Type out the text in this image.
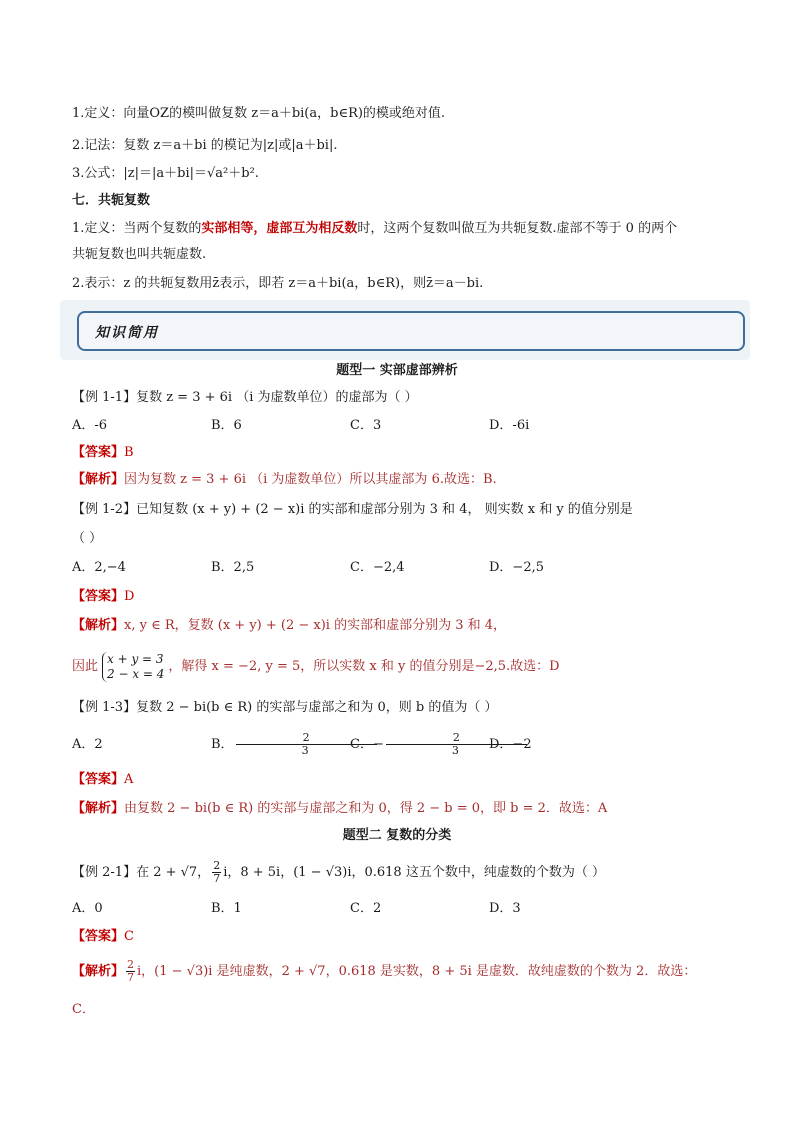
1.定义：向量OZ的模叫做复数 z＝a＋bi(a，b∈R)的模或绝对值.
2.记法：复数 z＝a＋bi 的模记为|z|或|a＋bi|.
3.公式：|z|＝|a＋bi|＝√a²＋b².
七．共轭复数
1.定义：当两个复数的实部相等，虚部互为相反数时，这两个复数叫做互为共轭复数.虚部不等于 0 的两个
共轭复数也叫共轭虚数.
2.表示：z 的共轭复数用z̄表示，即若 z＝a＋bi(a，b∈R)，则z̄＝a－bi.
知识简用
题型一 实部虚部辨析
【例 1-1】复数 z = 3 + 6i （i 为虚数单位）的虚部为（ ）
A．-6	B．6	C．3	D．-6i
【答案】B
【解析】因为复数 z = 3 + 6i （i 为虚数单位）所以其虚部为 6.故选：B.
【例 1-2】已知复数 (x + y) + (2 − x)i 的实部和虚部分别为 3 和 4， 则实数 x 和 y 的值分别是
（ ）
A．2,−4	B．2,5	C．−2,4	D．−2,5
【答案】D
【解析】x, y ∈ R，复数 (x + y) + (2 − x)i 的实部和虚部分别为 3 和 4，
因此
x + y = 3
2 − x = 4 ，解得 x = −2, y = 5，所以实数 x 和 y 的值分别是−2,5.故选：D
【例 1-3】复数 2 − bi(b ∈ R) 的实部与虚部之和为 0，则 b 的值为（ ）
A．2	B． $\frac{2}{3}$
C．− $\frac{2}{3}$
D．−2
【答案】A
【解析】由复数 2 − bi(b ∈ R) 的实部与虚部之和为 0，得 2 − b = 0，即 b = 2．故选：A
题型二 复数的分类
【例 2-1】在 2 + √7， $\frac{2}{7}$ i，8 + 5i，(1 − √3)i，0.618 这五个数中，纯虚数的个数为（ ）
A．0	B．1	C．2	D．3
【答案】C
【解析】 $\frac{2}{7}$ i，(1 − √3)i 是纯虚数，2 + √7，0.618 是实数，8 + 5i 是虚数．故纯虚数的个数为 2．故选：
C．
